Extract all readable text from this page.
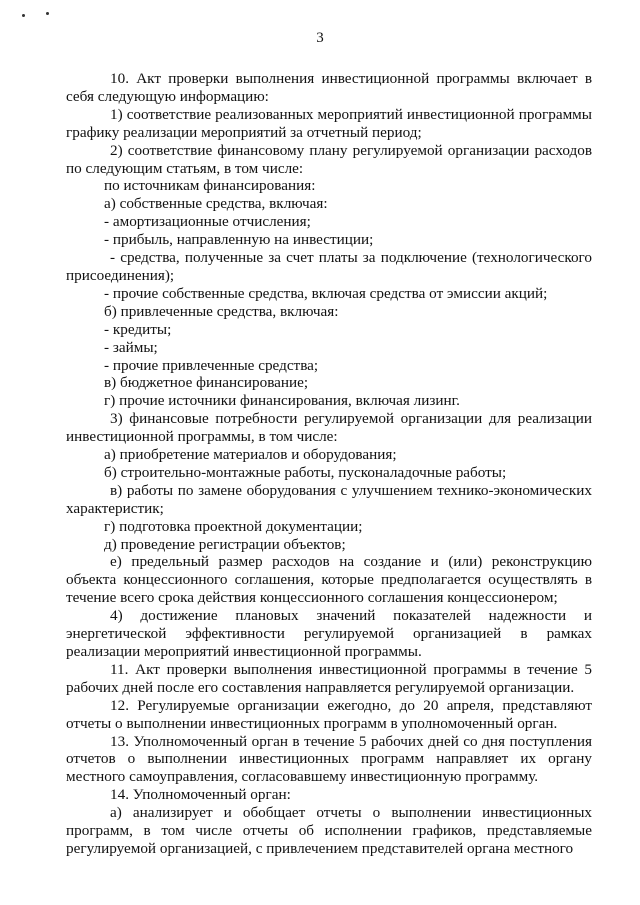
3

10. Акт проверки выполнения инвестиционной программы включает в себя следующую информацию:

1) соответствие реализованных мероприятий инвестиционной программы графику реализации мероприятий за отчетный период;

2) соответствие финансовому плану регулируемой организации расходов по следующим статьям, в том числе:

по источникам финансирования:

а) собственные средства, включая:

- амортизационные отчисления;

- прибыль, направленную на инвестиции;

- средства, полученные за счет платы за подключение (технологического присоединения);

- прочие собственные средства, включая средства от эмиссии акций;

б) привлеченные средства, включая:

- кредиты;

- займы;

- прочие привлеченные средства;

в) бюджетное финансирование;

г) прочие источники финансирования, включая лизинг.

3) финансовые потребности регулируемой организации для реализации инвестиционной программы, в том числе:

а) приобретение материалов и оборудования;

б) строительно-монтажные работы, пусконаладочные работы;

в) работы по замене оборудования с улучшением технико-экономических характеристик;

г) подготовка проектной документации;

д) проведение регистрации объектов;

е) предельный размер расходов на создание и (или) реконструкцию объекта концессионного соглашения, которые предполагается осуществлять в течение всего срока действия концессионного соглашения концессионером;

4) достижение плановых значений показателей надежности и энергетической эффективности регулируемой организацией в рамках реализации мероприятий инвестиционной программы.

11. Акт проверки выполнения инвестиционной программы в течение 5 рабочих дней после его составления направляется регулируемой организации.

12. Регулируемые организации ежегодно, до 20 апреля, представляют отчеты о выполнении инвестиционных программ в уполномоченный орган.

13. Уполномоченный орган в течение 5 рабочих дней со дня поступления отчетов о выполнении инвестиционных программ направляет их органу местного самоуправления, согласовавшему инвестиционную программу.

14. Уполномоченный орган:

а) анализирует и обобщает отчеты о выполнении инвестиционных программ, в том числе отчеты об исполнении графиков, представляемые регулируемой организацией, с привлечением представителей органа местного
